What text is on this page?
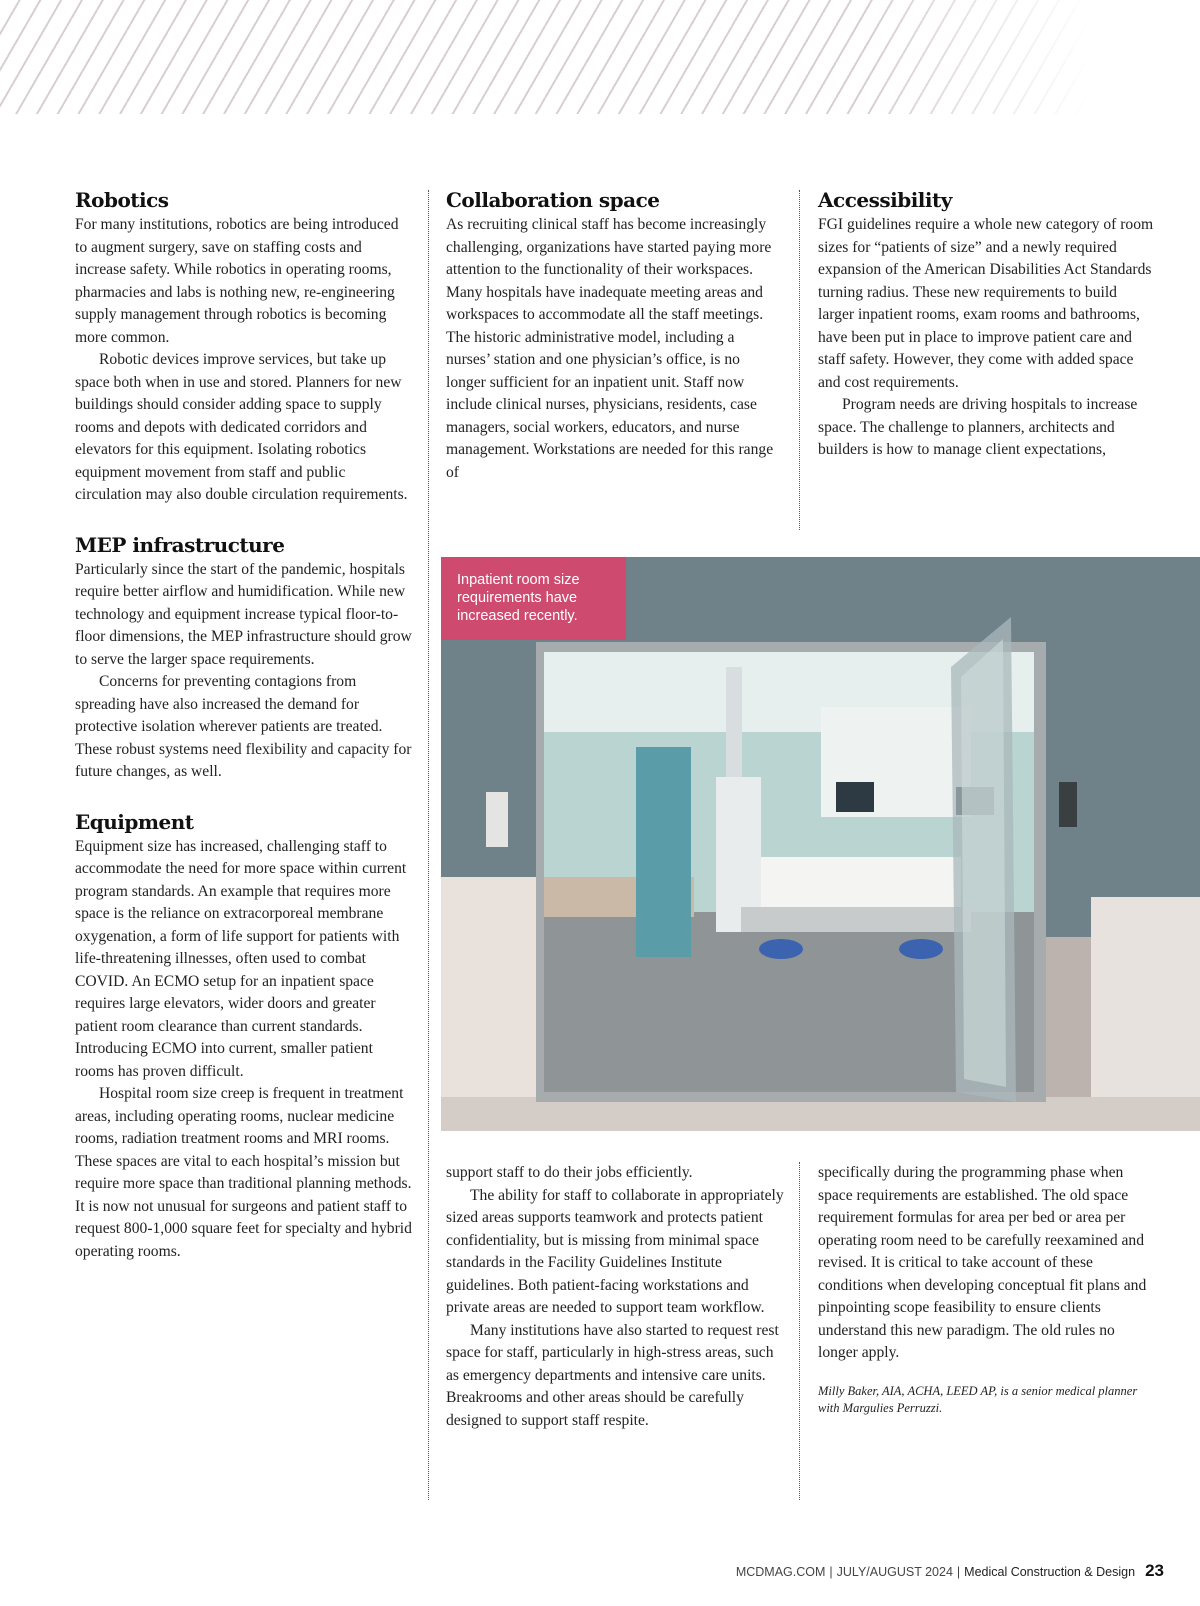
Robotics

For many institutions, robotics are being introduced to augment surgery, save on staffing costs and increase safety. While robotics in operating rooms, pharmacies and labs is nothing new, re-engineering supply management through robotics is becoming more common.

Robotic devices improve services, but take up space both when in use and stored. Planners for new buildings should consider adding space to supply rooms and depots with dedicated corridors and elevators for this equipment. Isolating robotics equipment movement from staff and public circulation may also double circulation requirements.

MEP infrastructure

Particularly since the start of the pandemic, hospitals require better airflow and humidification. While new technology and equipment increase typical floor-to-floor dimensions, the MEP infrastructure should grow to serve the larger space requirements.

Concerns for preventing contagions from spreading have also increased the demand for protective isolation wherever patients are treated. These robust systems need flexibility and capacity for future changes, as well.

Equipment

Equipment size has increased, challenging staff to accommodate the need for more space within current program standards. An example that requires more space is the reliance on extracorporeal membrane oxygenation, a form of life support for patients with life-threatening illnesses, often used to combat COVID. An ECMO setup for an inpatient space requires large elevators, wider doors and greater patient room clearance than current standards. Introducing ECMO into current, smaller patient rooms has proven difficult.

Hospital room size creep is frequent in treatment areas, including operating rooms, nuclear medicine rooms, radiation treatment rooms and MRI rooms. These spaces are vital to each hospital’s mission but require more space than traditional planning methods. It is now not unusual for surgeons and patient staff to request 800-1,000 square feet for specialty and hybrid operating rooms.

Collaboration space

As recruiting clinical staff has become increasingly challenging, organizations have started paying more attention to the functionality of their workspaces. Many hospitals have inadequate meeting areas and workspaces to accommodate all the staff meetings. The historic administrative model, including a nurses’ station and one physician’s office, is no longer sufficient for an inpatient unit. Staff now include clinical nurses, physicians, residents, case managers, social workers, educators, and nurse management. Workstations are needed for this range of

Accessibility

FGI guidelines require a whole new category of room sizes for “patients of size” and a newly required expansion of the American Disabilities Act Standards turning radius. These new requirements to build larger inpatient rooms, exam rooms and bathrooms, have been put in place to improve patient care and staff safety. However, they come with added space and cost requirements.

Program needs are driving hospitals to increase space. The challenge to planners, architects and builders is how to manage client expectations,

Inpatient room size requirements have increased recently.

support staff to do their jobs efficiently.

The ability for staff to collaborate in appropriately sized areas supports teamwork and protects patient confidentiality, but is missing from minimal space standards in the Facility Guidelines Institute guidelines. Both patient-facing workstations and private areas are needed to support team workflow.

Many institutions have also started to request rest space for staff, particularly in high-stress areas, such as emergency departments and intensive care units. Breakrooms and other areas should be carefully designed to support staff respite.

specifically during the programming phase when space requirements are established. The old space requirement formulas for area per bed or area per operating room need to be carefully reexamined and revised. It is critical to take account of these conditions when developing conceptual fit plans and pinpointing scope feasibility to ensure clients understand this new paradigm. The old rules no longer apply.

Milly Baker, AIA, ACHA, LEED AP, is a senior medical planner with Margulies Perruzzi.
MCDMAG.COM | JULY/AUGUST 2024 | Medical Construction & Design 23
